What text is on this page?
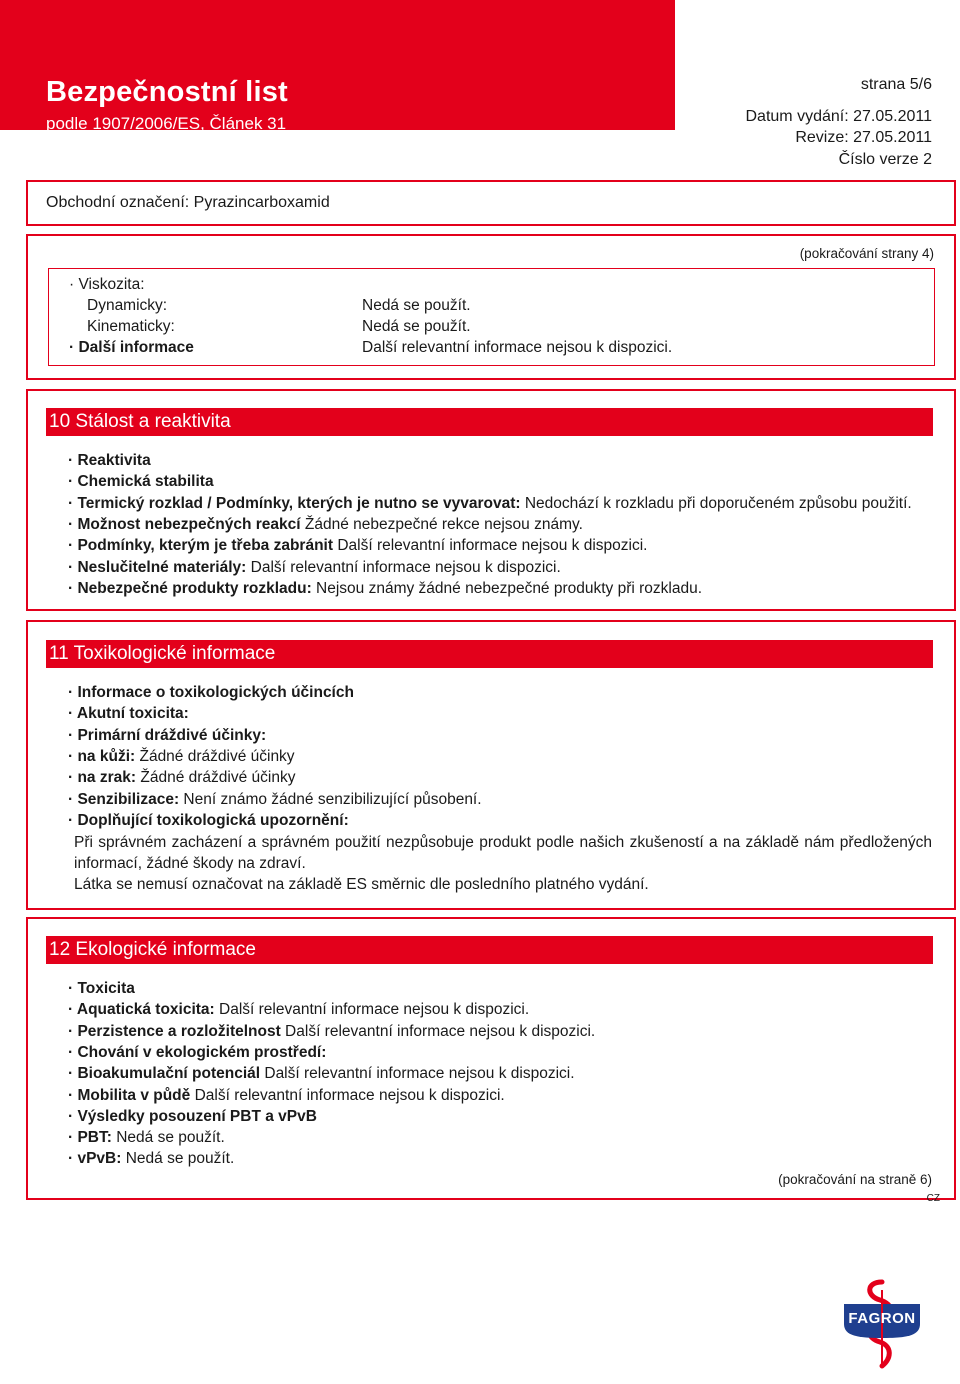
Bezpečnostní list
podle 1907/2006/ES, Článek 31
strana 5/6
Datum vydání: 27.05.2011
Revize: 27.05.2011
Číslo verze 2
Obchodní označení: Pyrazincarboxamid
(pokračování strany 4)
· Viskozita:
Dynamicky:	Nedá se použít.
Kinematicky:	Nedá se použít.
· Další informace	Další relevantní informace nejsou k dispozici.
10 Stálost a reaktivita
· Reaktivita
· Chemická stabilita
· Termický rozklad / Podmínky, kterých je nutno se vyvarovat: Nedochází k rozkladu při doporučeném způsobu použití.
· Možnost nebezpečných reakcí Žádné nebezpečné rekce nejsou známy.
· Podmínky, kterým je třeba zabránit Další relevantní informace nejsou k dispozici.
· Neslučitelné materiály: Další relevantní informace nejsou k dispozici.
· Nebezpečné produkty rozkladu: Nejsou známy žádné nebezpečné produkty při rozkladu.
11 Toxikologické informace
· Informace o toxikologických účincích
· Akutní toxicita:
· Primární dráždivé účinky:
· na kůži: Žádné dráždivé účinky
· na zrak: Žádné dráždivé účinky
· Senzibilizace: Není známo žádné senzibilizující působení.
· Doplňující toxikologická upozornění:
Při správném zacházení a správném použití nezpůsobuje produkt podle našich zkušeností a na základě nám předložených informací, žádné škody na zdraví.
Látka se nemusí označovat na základě ES směrnic dle posledního platného vydání.
12 Ekologické informace
· Toxicita
· Aquatická toxicita: Další relevantní informace nejsou k dispozici.
· Perzistence a rozložitelnost Další relevantní informace nejsou k dispozici.
· Chování v ekologickém prostředí:
· Bioakumulační potenciál Další relevantní informace nejsou k dispozici.
· Mobilita v půdě Další relevantní informace nejsou k dispozici.
· Výsledky posouzení PBT a vPvB
· PBT: Nedá se použít.
· vPvB: Nedá se použít.
(pokračování na straně 6)
CZ
FAGRON
